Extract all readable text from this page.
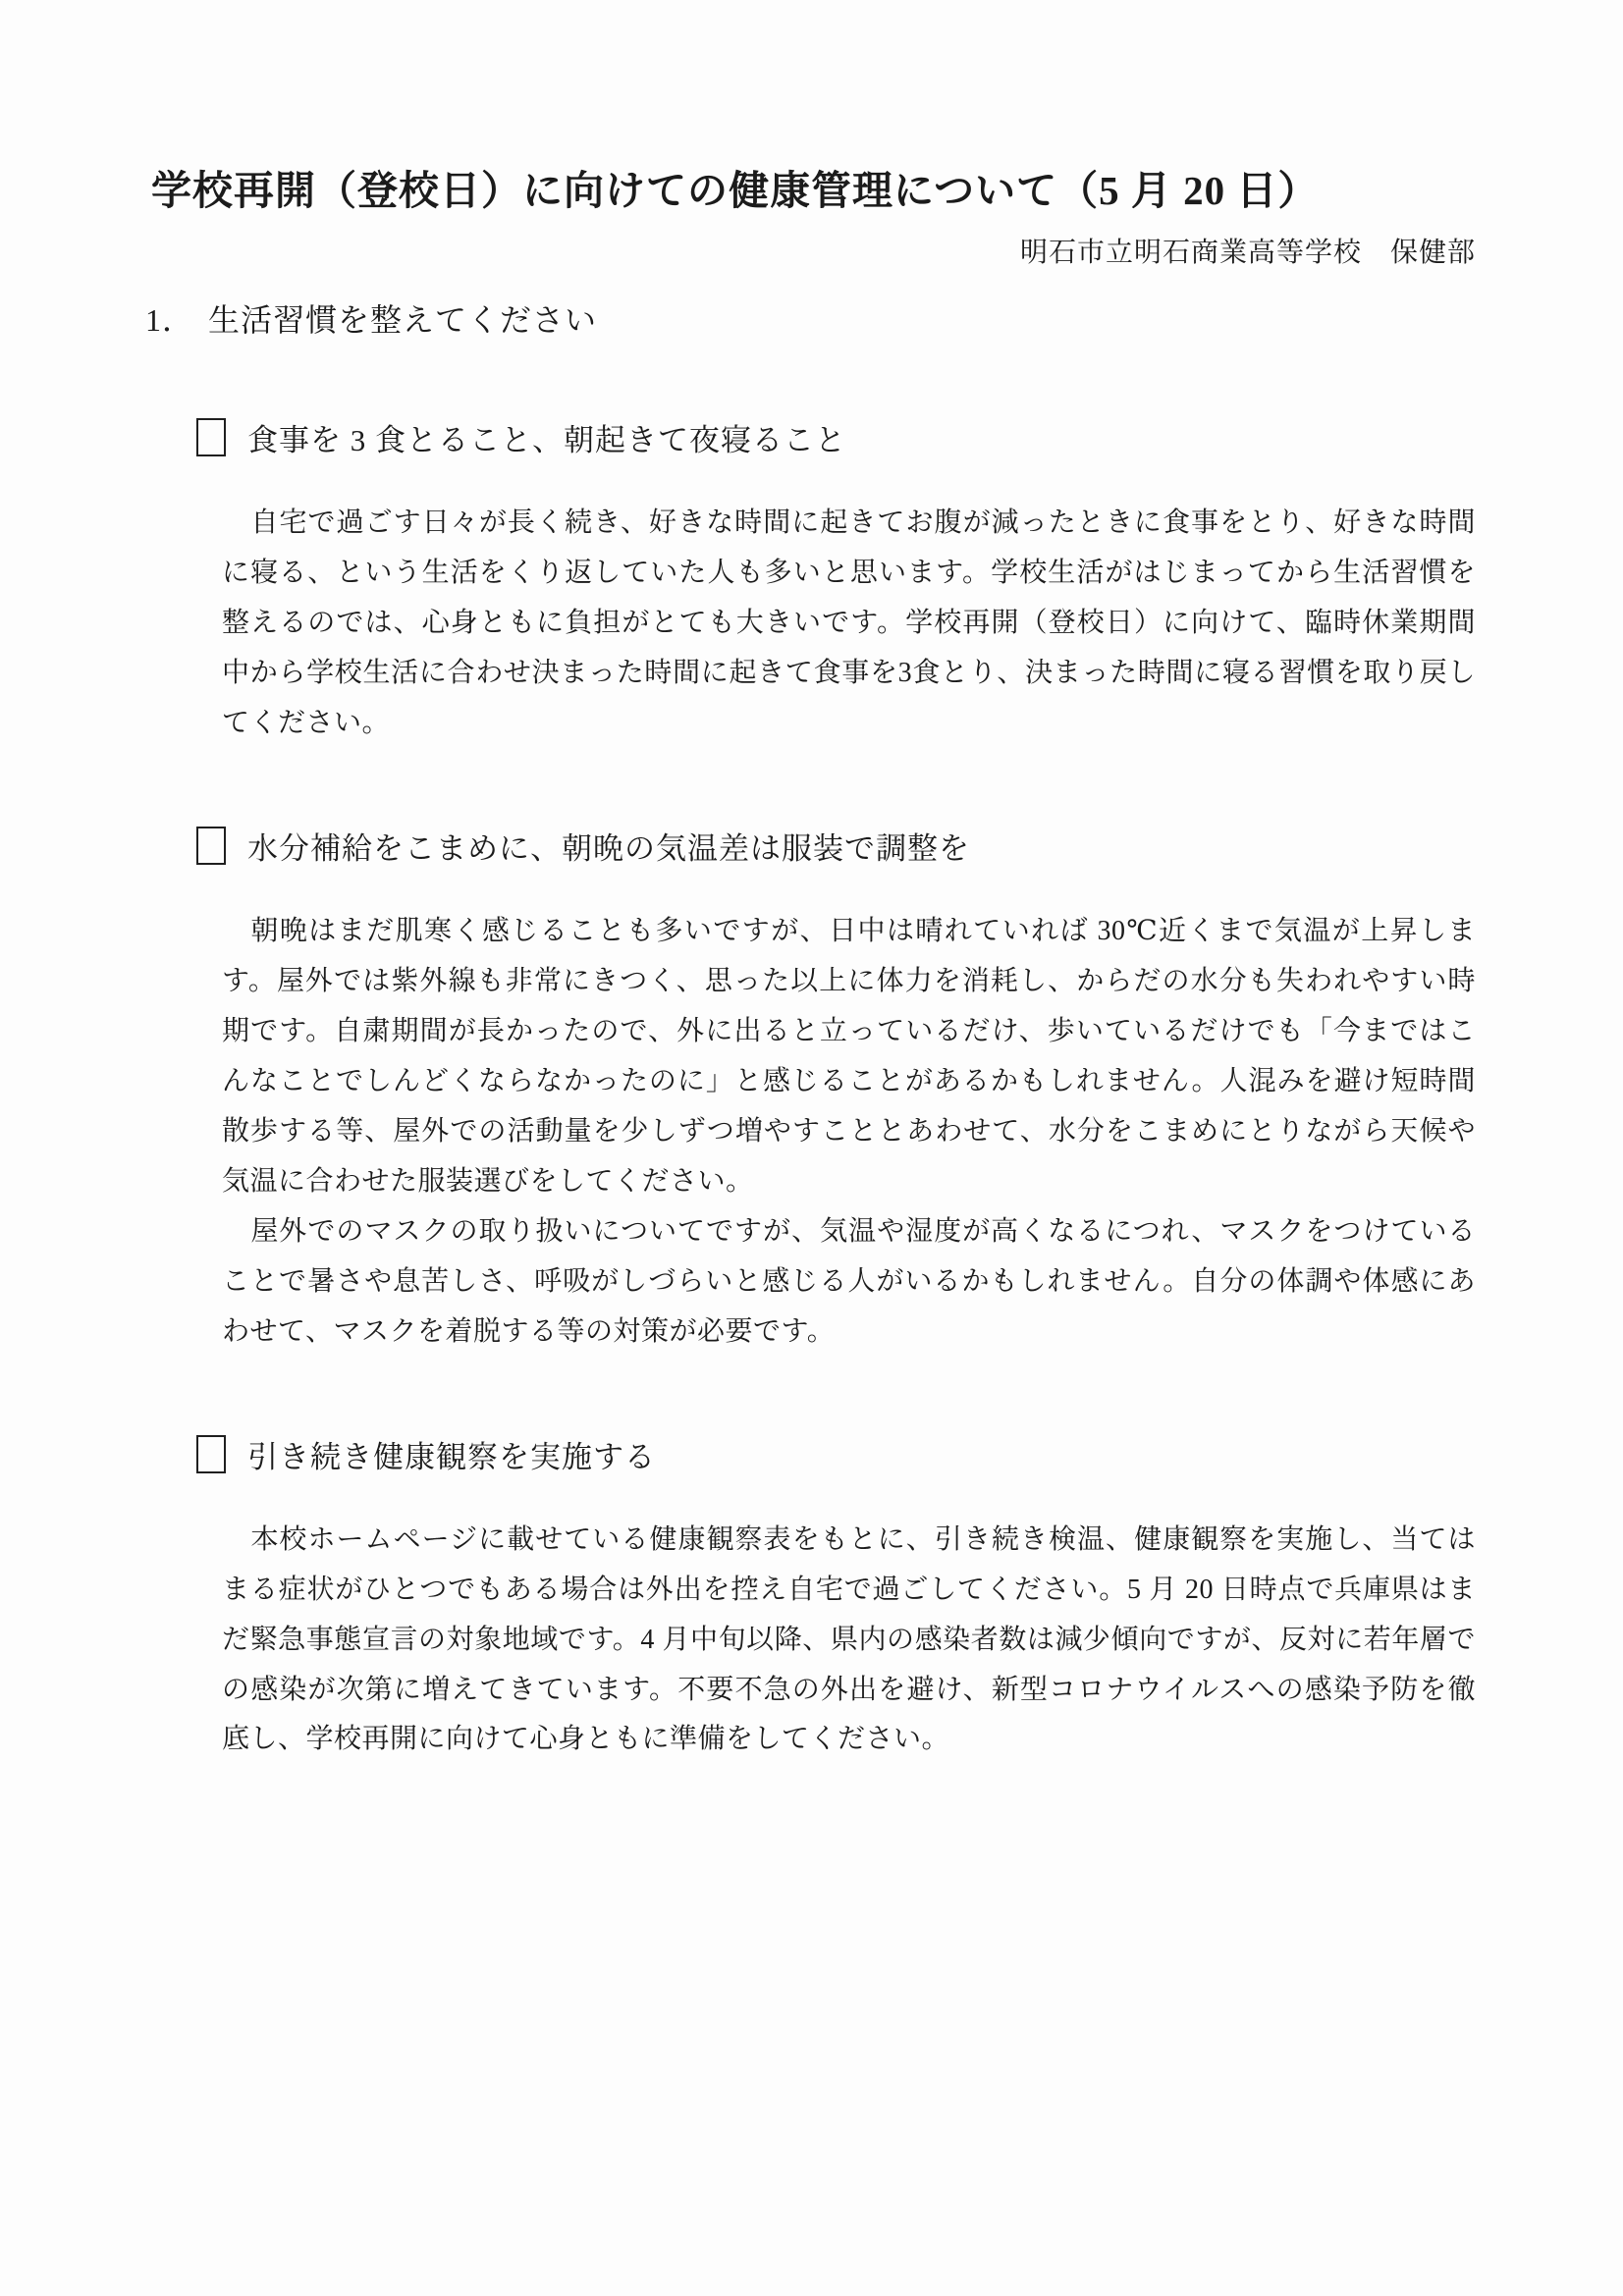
学校再開（登校日）に向けての健康管理について（5 月 20 日）
明石市立明石商業高等学校　保健部
1． 生活習慣を整えてください
食事を 3 食とること、朝起きて夜寝ること

自宅で過ごす日々が長く続き、好きな時間に起きてお腹が減ったときに食事をとり、好きな時間に寝る、という生活をくり返していた人も多いと思います。学校生活がはじまってから生活習慣を整えるのでは、心身ともに負担がとても大きいです。学校再開（登校日）に向けて、臨時休業期間中から学校生活に合わせ決まった時間に起きて食事を3食とり、決まった時間に寝る習慣を取り戻してください。

水分補給をこまめに、朝晩の気温差は服装で調整を

朝晩はまだ肌寒く感じることも多いですが、日中は晴れていれば 30℃近くまで気温が上昇します。屋外では紫外線も非常にきつく、思った以上に体力を消耗し、からだの水分も失われやすい時期です。自粛期間が長かったので、外に出ると立っているだけ、歩いているだけでも「今まではこんなことでしんどくならなかったのに」と感じることがあるかもしれません。人混みを避け短時間散歩する等、屋外での活動量を少しずつ増やすこととあわせて、水分をこまめにとりながら天候や気温に合わせた服装選びをしてください。

屋外でのマスクの取り扱いについてですが、気温や湿度が高くなるにつれ、マスクをつけていることで暑さや息苦しさ、呼吸がしづらいと感じる人がいるかもしれません。自分の体調や体感にあわせて、マスクを着脱する等の対策が必要です。

引き続き健康観察を実施する

本校ホームページに載せている健康観察表をもとに、引き続き検温、健康観察を実施し、当てはまる症状がひとつでもある場合は外出を控え自宅で過ごしてください。5 月 20 日時点で兵庫県はまだ緊急事態宣言の対象地域です。4 月中旬以降、県内の感染者数は減少傾向ですが、反対に若年層での感染が次第に増えてきています。不要不急の外出を避け、新型コロナウイルスへの感染予防を徹底し、学校再開に向けて心身ともに準備をしてください。
